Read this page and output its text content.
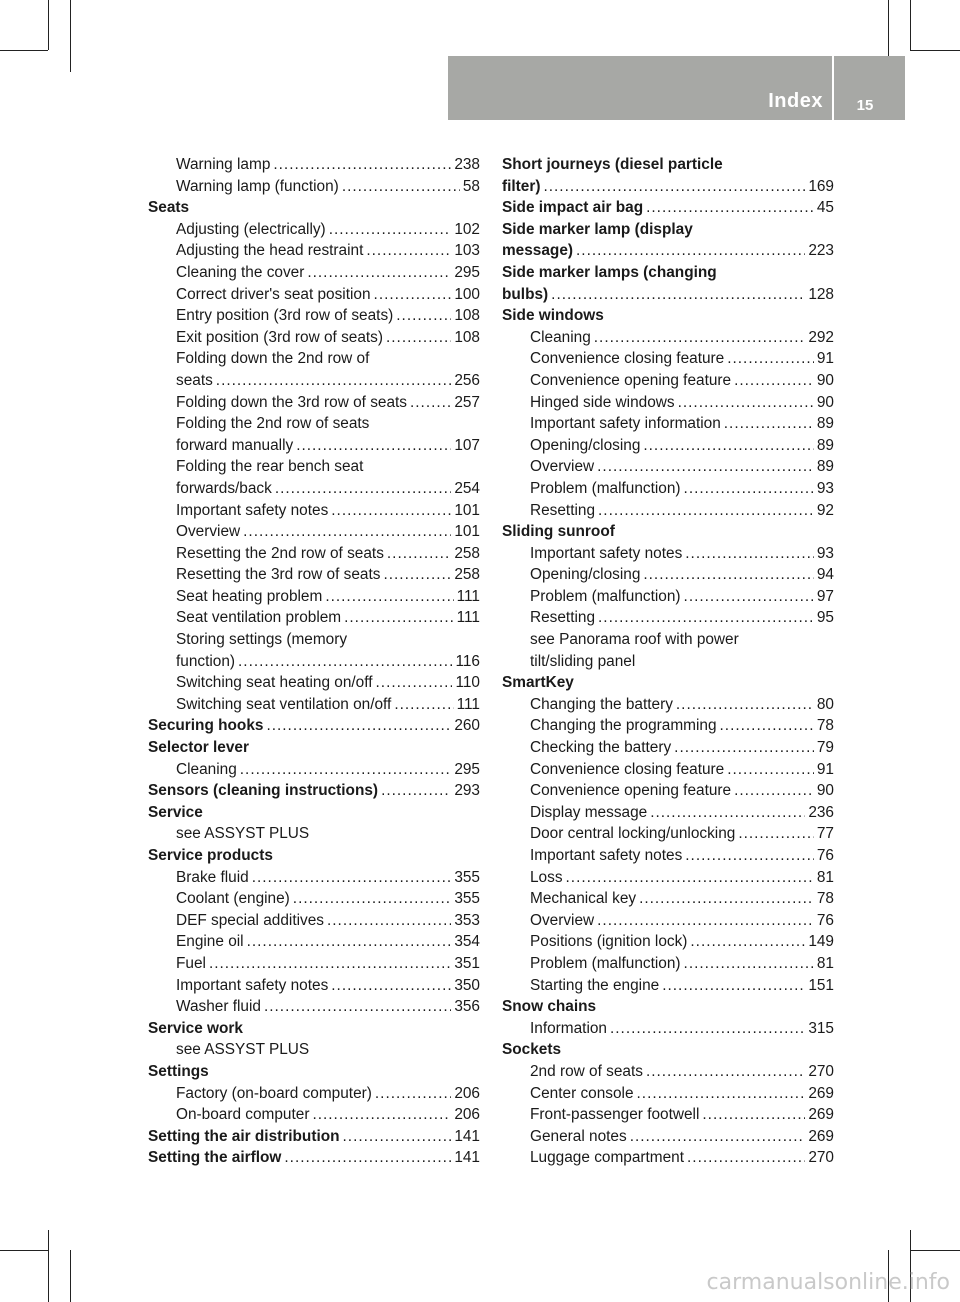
Index	15
Warning lamp .....	238
Warning lamp (function) .....	58
Seats
Adjusting (electrically) .....	102
Adjusting the head restraint .....	103
Cleaning the cover .....	295
Correct driver's seat position .....	100
Entry position (3rd row of seats) .....	108
Exit position (3rd row of seats) .....	108
Folding down the 2nd row of
seats .....	256
Folding down the 3rd row of seats .....	257
Folding the 2nd row of seats
forward manually .....	107
Folding the rear bench seat
forwards/back .....	254
Important safety notes .....	101
Overview .....	101
Resetting the 2nd row of seats .....	258
Resetting the 3rd row of seats .....	258
Seat heating problem .....	111
Seat ventilation problem .....	111
Storing settings (memory
function) .....	116
Switching seat heating on/off .....	110
Switching seat ventilation on/off .....	111
Securing hooks .....	260
Selector lever
Cleaning .....	295
Sensors (cleaning instructions) .....	293
Service
see ASSYST PLUS
Service products
Brake fluid .....	355
Coolant (engine) .....	355
DEF special additives .....	353
Engine oil .....	354
Fuel .....	351
Important safety notes .....	350
Washer fluid .....	356
Service work
see ASSYST PLUS
Settings
Factory (on-board computer) .....	206
On-board computer .....	206
Setting the air distribution .....	141
Setting the airflow .....	141
Short journeys (diesel particle
filter) .....	169
Side impact air bag .....	45
Side marker lamp (display
message) .....	223
Side marker lamps (changing
bulbs) .....	128
Side windows
Cleaning .....	292
Convenience closing feature .....	91
Convenience opening feature .....	90
Hinged side windows .....	90
Important safety information .....	89
Opening/closing .....	89
Overview .....	89
Problem (malfunction) .....	93
Resetting .....	92
Sliding sunroof
Important safety notes .....	93
Opening/closing .....	94
Problem (malfunction) .....	97
Resetting .....	95
see Panorama roof with power
tilt/sliding panel
SmartKey
Changing the battery .....	80
Changing the programming .....	78
Checking the battery .....	79
Convenience closing feature .....	91
Convenience opening feature .....	90
Display message .....	236
Door central locking/unlocking .....	77
Important safety notes .....	76
Loss .....	81
Mechanical key .....	78
Overview .....	76
Positions (ignition lock) .....	149
Problem (malfunction) .....	81
Starting the engine .....	151
Snow chains
Information .....	315
Sockets
2nd row of seats .....	270
Center console .....	269
Front-passenger footwell .....	269
General notes .....	269
Luggage compartment .....	270
carmanualsonline.info
